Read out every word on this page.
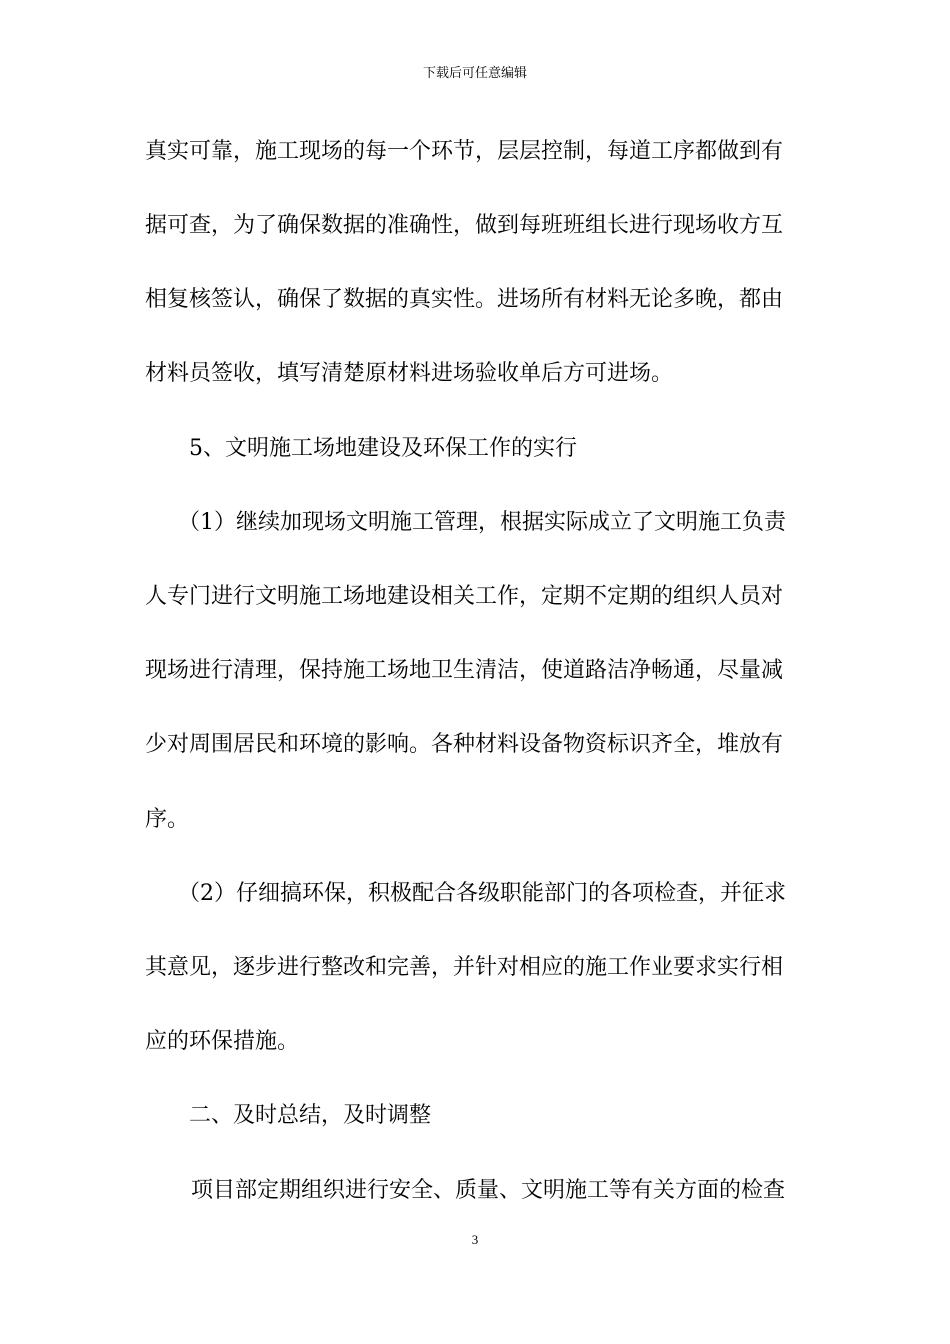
下载后可任意编辑
真实可靠，施工现场的每一个环节，层层控制，每道工序都做到有
据可查，为了确保数据的准确性，做到每班班组长进行现场收方互
相复核签认，确保了数据的真实性。进场所有材料无论多晚，都由
材料员签收，填写清楚原材料进场验收单后方可进场。
5、文明施工场地建设及环保工作的实行
（1）继续加现场文明施工管理，根据实际成立了文明施工负责
人专门进行文明施工场地建设相关工作，定期不定期的组织人员对
现场进行清理，保持施工场地卫生清洁，使道路洁净畅通，尽量减
少对周围居民和环境的影响。各种材料设备物资标识齐全，堆放有
序。
（2）仔细搞环保，积极配合各级职能部门的各项检查，并征求
其意见，逐步进行整改和完善，并针对相应的施工作业要求实行相
应的环保措施。
二、及时总结，及时调整
项目部定期组织进行安全、质量、文明施工等有关方面的检查
3
